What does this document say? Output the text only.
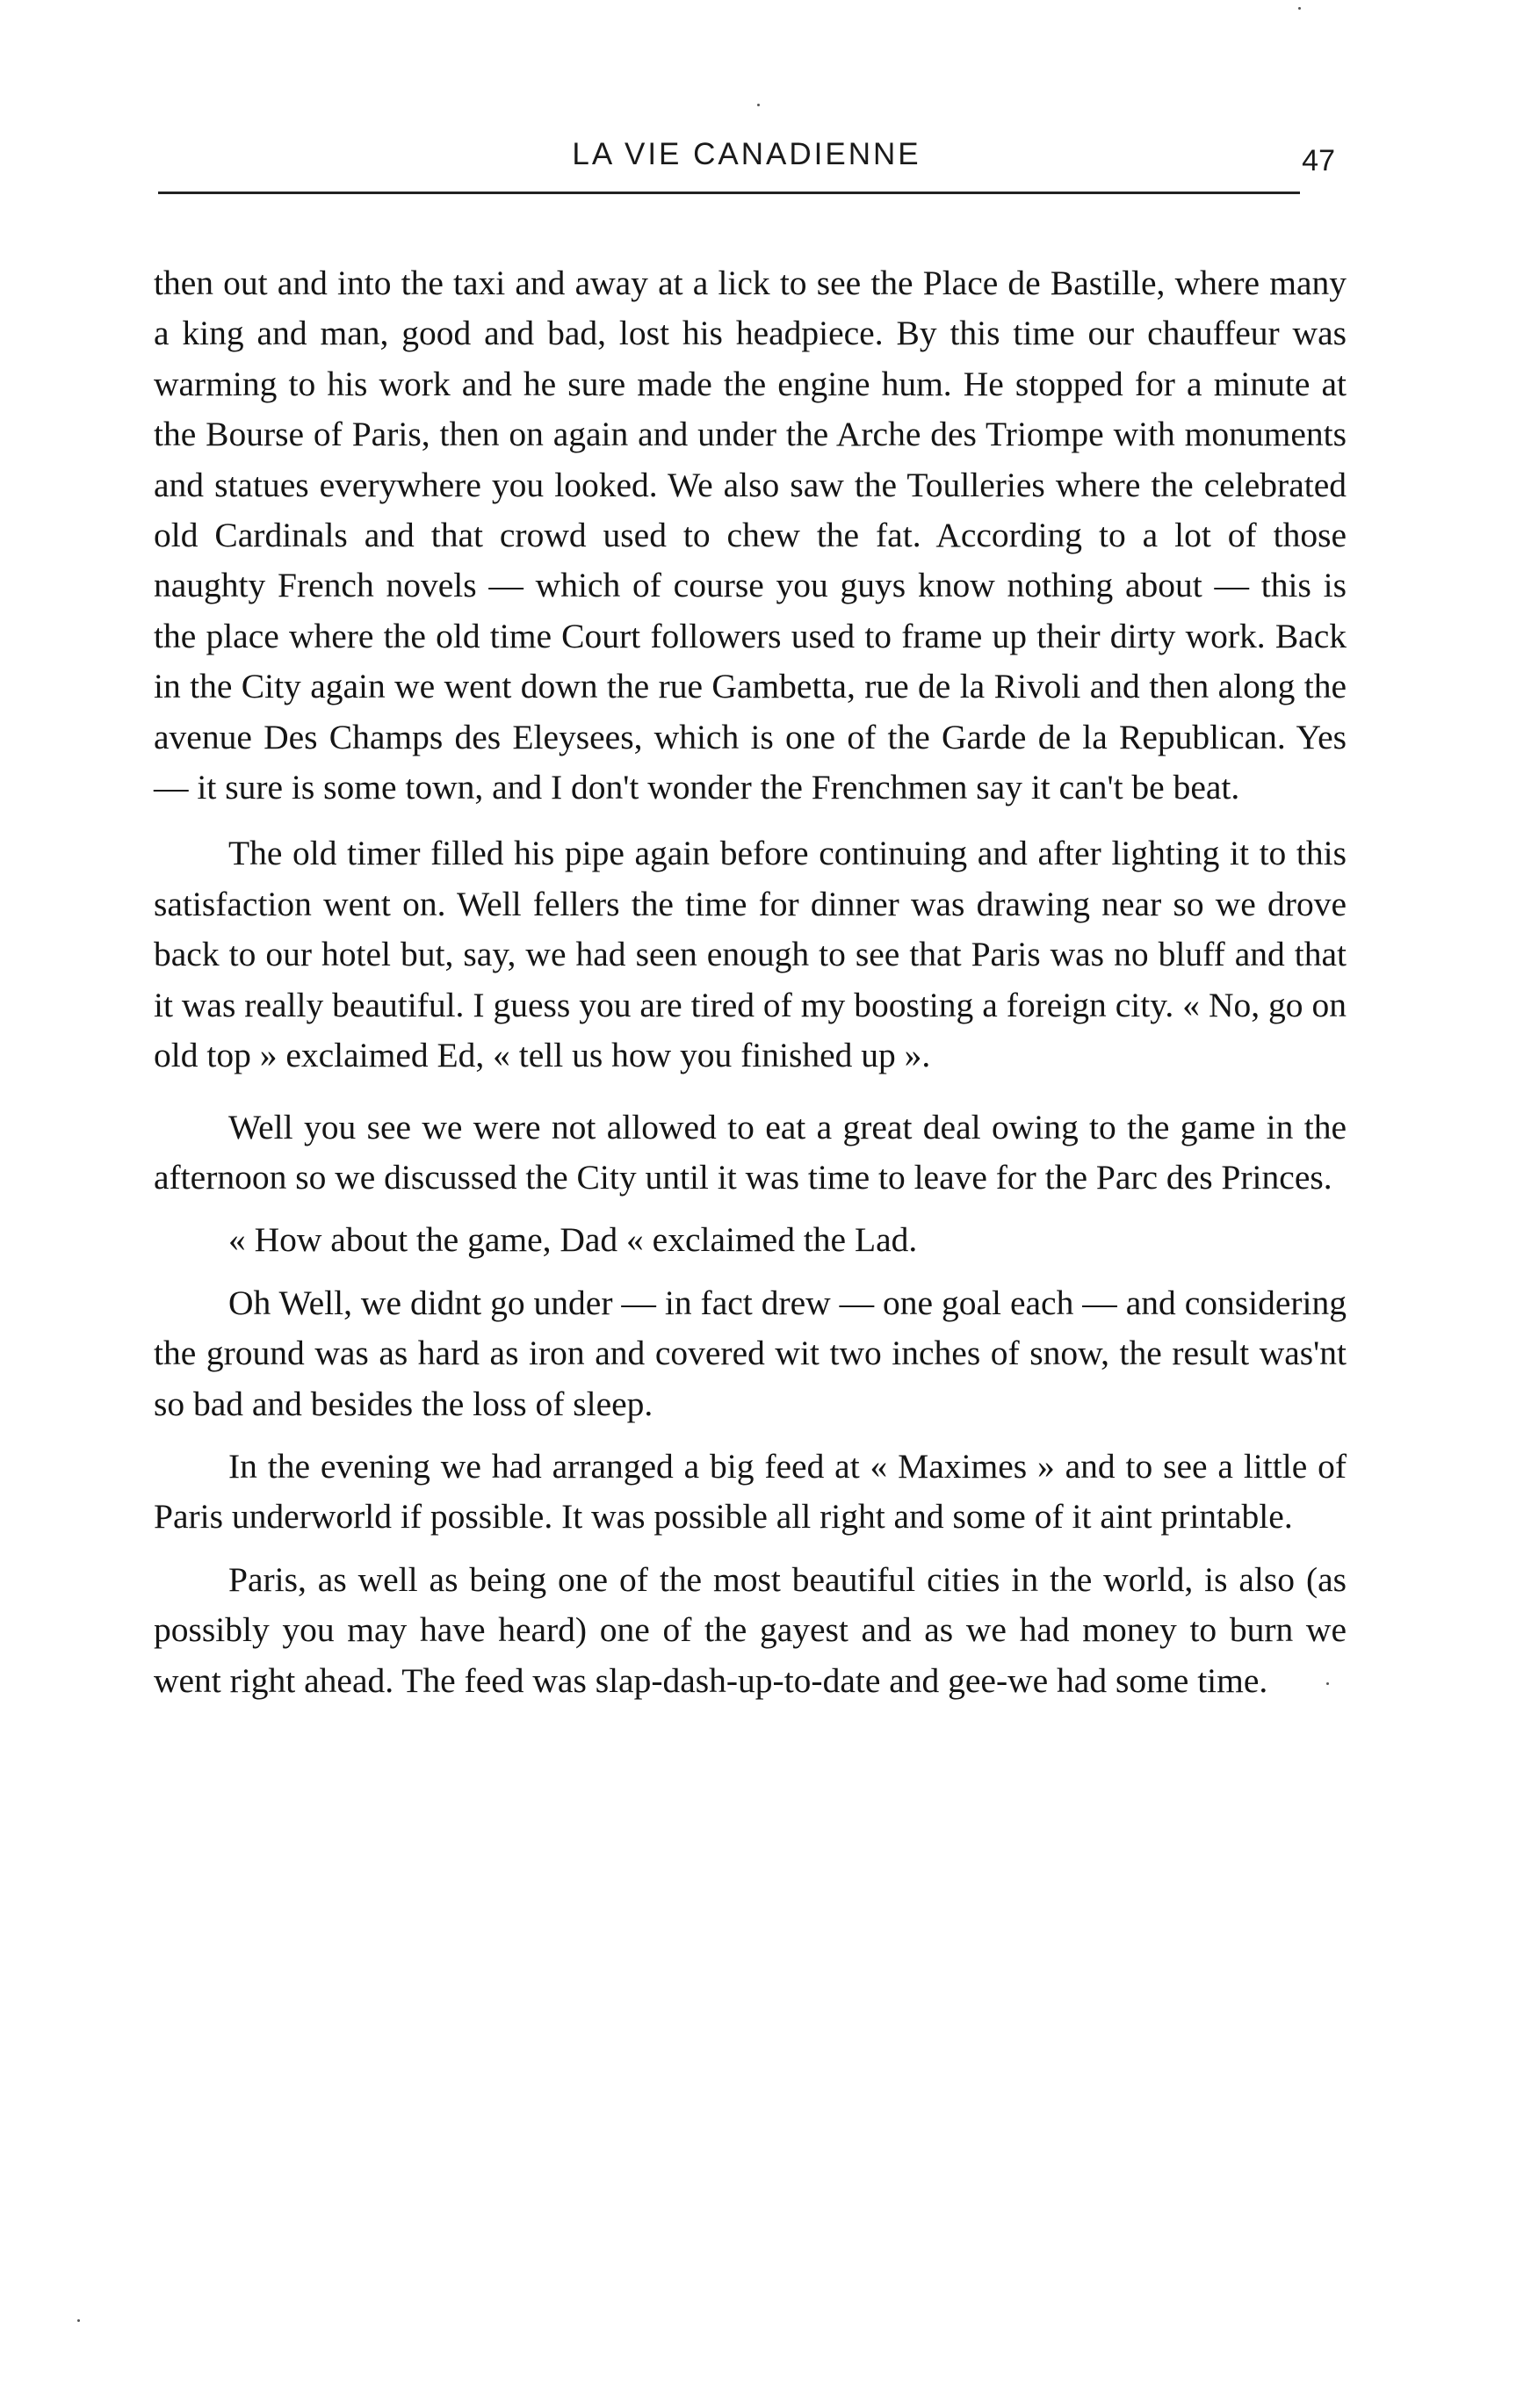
LA VIE CANADIENNE	47

then out and into the taxi and away at a lick to see the Place de Bastille, where many a king and man, good and bad, lost his headpiece. By this time our chauffeur was warming to his work and he sure made the engine hum. He stopped for a minute at the Bourse of Paris, then on again and under the Arche des Triompe with monuments and statues everywhere you looked. We also saw the Toulleries where the celebrated old Cardinals and that crowd used to chew the fat. According to a lot of those naughty French novels — which of course you guys know nothing about — this is the place where the old time Court followers used to frame up their dirty work. Back in the City again we went down the rue Gambetta, rue de la Rivoli and then along the avenue Des Champs des Eleysees, which is one of the Garde de la Republican. Yes — it sure is some town, and I don't wonder the Frenchmen say it can't be beat.

The old timer filled his pipe again before continuing and after lighting it to this satisfaction went on. Well fellers the time for dinner was drawing near so we drove back to our hotel but, say, we had seen enough to see that Paris was no bluff and that it was really beautiful. I guess you are tired of my boosting a foreign city. « No, go on old top » exclaimed Ed, « tell us how you finished up ».

Well you see we were not allowed to eat a great deal owing to the game in the afternoon so we discussed the City until it was time to leave for the Parc des Princes.

« How about the game, Dad « exclaimed the Lad.

Oh Well, we didnt go under — in fact drew — one goal each — and considering the ground was as hard as iron and covered wit two inches of snow, the result was'nt so bad and besides the loss of sleep.

In the evening we had arranged a big feed at « Maximes » and to see a little of Paris underworld if possible. It was possible all right and some of it aint printable.

Paris, as well as being one of the most beautiful cities in the world, is also (as possibly you may have heard) one of the gayest and as we had money to burn we went right ahead. The feed was slap-dash-up-to-date and gee-we had some time.
